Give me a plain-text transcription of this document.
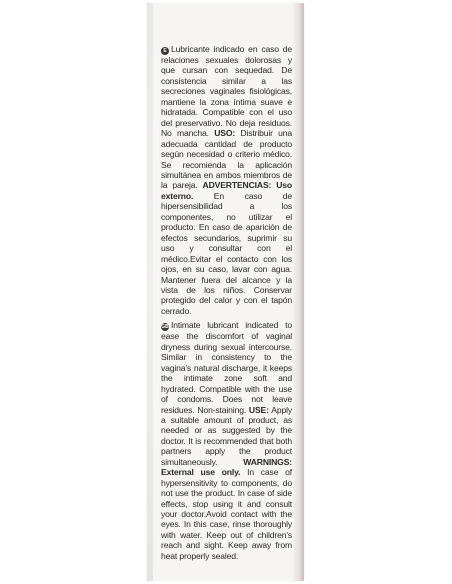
E Lubricante indicado en caso de relaciones sexuales dolorosas y que cursan con sequedad. De consistencia similar a las secreciones vaginales fisiológicas, mantiene la zona íntima suave e hidratada. Compatible con el uso del preservativo. No deja residuos. No mancha. USO: Distribuir una adecuada cantidad de producto según necesidad o criterio médico. Se recomienda la aplicación simultánea en ambos miembros de la pareja. ADVERTENCIAS: Uso externo. En caso de hipersensibilidad a los componentes, no utilizar el producto. En caso de aparición de efectos secundarios, suprimir su uso y consultar con el médico.Evitar el contacto con los ojos, en su caso, lavar con agua. Mantener fuera del alcance y la vista de los niños. Conservar protegido del calor y con el tapón cerrado.

GB Intimate lubricant indicated to ease the discomfort of vaginal dryness during sexual intercourse. Similar in consistency to the vagina's natural discharge, it keeps the intimate zone soft and hydrated. Compatible with the use of condoms. Does not leave residues. Non-staining. USE: Apply a suitable amount of product, as needed or as suggested by the doctor. It is recommended that both partners apply the product simultaneously. WARNINGS: External use only. In case of hypersensitivity to components, do not use the product. In case of side effects, stop using it and consult your doctor.Avoid contact with the eyes. In this case, rinse thoroughly with water. Keep out of children's reach and sight. Keep away from heat properly sealed.
